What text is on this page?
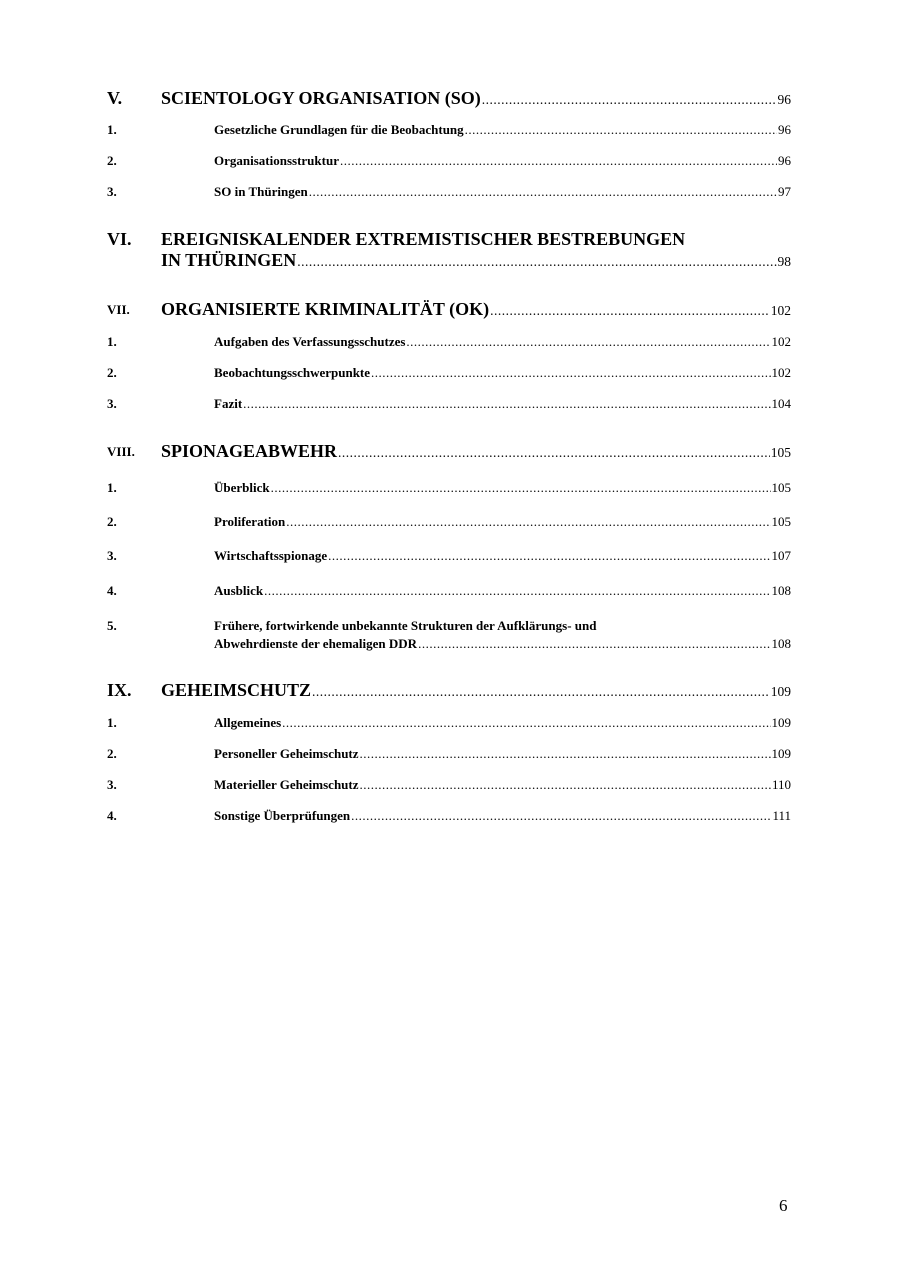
V. SCIENTOLOGY ORGANISATION (SO) .....	96
1.	Gesetzliche Grundlagen für die Beobachtung .....	96
2.	Organisationsstruktur .....	96
3.	SO in Thüringen .....	97
VI. EREIGNISKALENDER EXTREMISTISCHER BESTREBUNGEN
IN THÜRINGEN .....	98
VII. ORGANISIERTE KRIMINALITÄT (OK) .....	102
1.	Aufgaben des Verfassungsschutzes .....	102
2.	Beobachtungsschwerpunkte .....	102
3.	Fazit .....	104
VIII. SPIONAGEABWEHR .....	105
1.	Überblick .....	105
2.	Proliferation .....	105
3.	Wirtschaftsspionage .....	107
4.	Ausblick .....	108
5.	Frühere, fortwirkende unbekannte Strukturen der Aufklärungs- und
Abwehrdienste der ehemaligen DDR .....	108
IX. GEHEIMSCHUTZ .....	109
1.	Allgemeines .....	109
2.	Personeller Geheimschutz .....	109
3.	Materieller Geheimschutz .....	110
4.	Sonstige Überprüfungen .....	111
6
